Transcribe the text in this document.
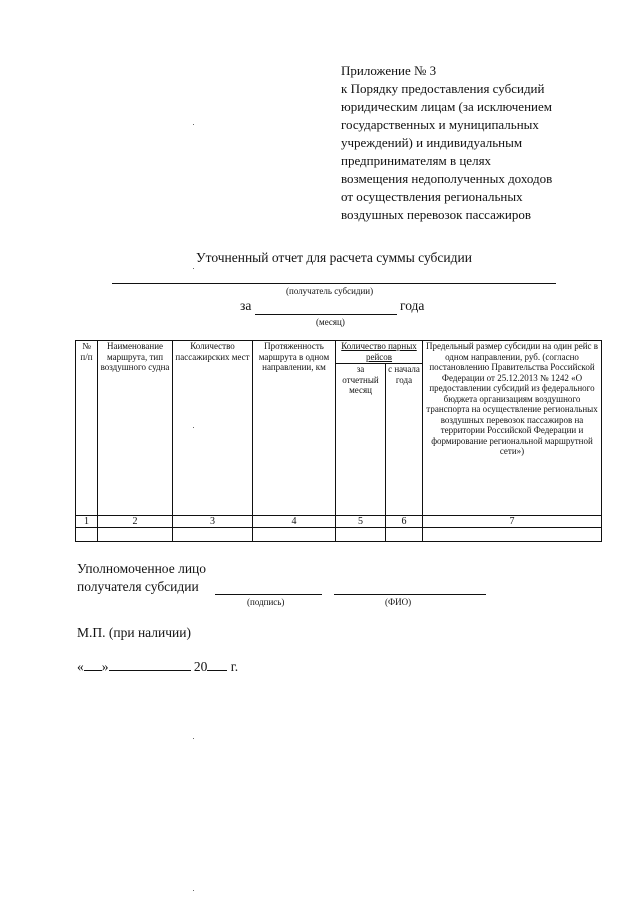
Приложение № 3
к Порядку предоставления субсидий
юридическим лицам (за исключением
государственных и муниципальных
учреждений) и индивидуальным
предпринимателям в целях
возмещения недополученных доходов
от осуществления региональных
воздушных перевозок пассажиров
Уточненный отчет для расчета суммы субсидии
(получатель субсидии)
за	года
(месяц)
№ п/п	Наименование маршрута, тип воздушного судна	Количество пассажирских мест	Протяженность маршрута в одном направлении, км	Количество парных рейсов		Предельный размер субсидии на один рейс в одном направлении, руб. (согласно постановлению Правительства Российской Федерации от 25.12.2013 № 1242 «О предоставлении субсидий из федерального бюджета организациям воздушного транспорта на осуществление региональных воздушных перевозок пассажиров на территории Российской Федерации и формирование региональной маршрутной сети»)
				за отчетный месяц	с начала года	
1	2	3	4	5	6	7

Уполномоченное лицо
получателя субсидии
(подпись)	(ФИО)
М.П. (при наличии)
« »	20 г.
